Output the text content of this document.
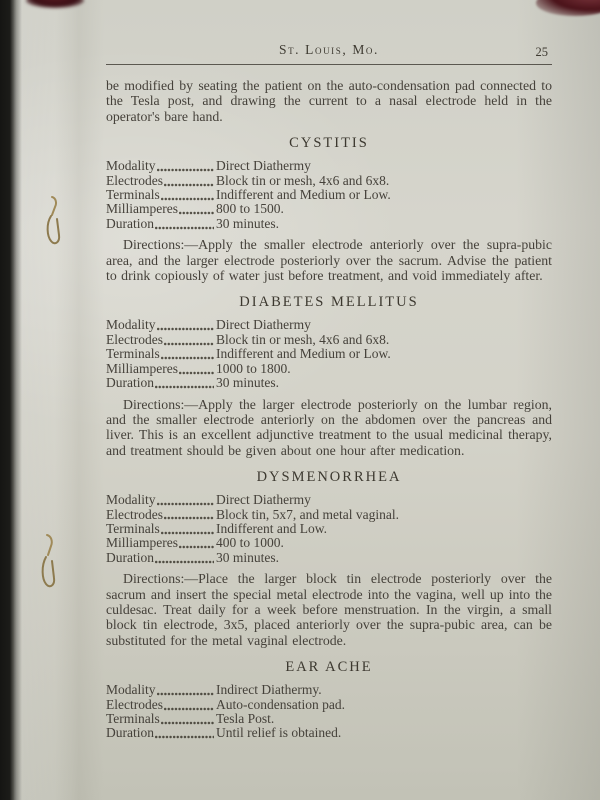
St. Louis, Mo.	25

be modified by seating the patient on the auto-condensation pad connected to the Tesla post, and drawing the current to a nasal electrode held in the operator's bare hand.

CYSTITIS
Modality	Direct Diathermy
Electrodes	Block tin or mesh, 4x6 and 6x8.
Terminals	Indifferent and Medium or Low.
Milliamperes	800 to 1500.
Duration	30 minutes.

Directions:—Apply the smaller electrode anteriorly over the supra-pubic area, and the larger electrode posteriorly over the sacrum. Advise the patient to drink copiously of water just before treatment, and void immediately after.

DIABETES MELLITUS
Modality	Direct Diathermy
Electrodes	Block tin or mesh, 4x6 and 6x8.
Terminals	Indifferent and Medium or Low.
Milliamperes	1000 to 1800.
Duration	30 minutes.

Directions:—Apply the larger electrode posteriorly on the lumbar region, and the smaller electrode anteriorly on the abdomen over the pancreas and liver. This is an excellent adjunctive treatment to the usual medicinal therapy, and treatment should be given about one hour after medication.

DYSMENORRHEA
Modality	Direct Diathermy
Electrodes	Block tin, 5x7, and metal vaginal.
Terminals	Indifferent and Low.
Milliamperes	400 to 1000.
Duration	30 minutes.

Directions:—Place the larger block tin electrode posteriorly over the sacrum and insert the special metal electrode into the vagina, well up into the culdesac. Treat daily for a week before menstruation. In the virgin, a small block tin electrode, 3x5, placed anteriorly over the supra-pubic area, can be substituted for the metal vaginal electrode.

EAR ACHE
Modality	Indirect Diathermy.
Electrodes	Auto-condensation pad.
Terminals	Tesla Post.
Duration	Until relief is obtained.
